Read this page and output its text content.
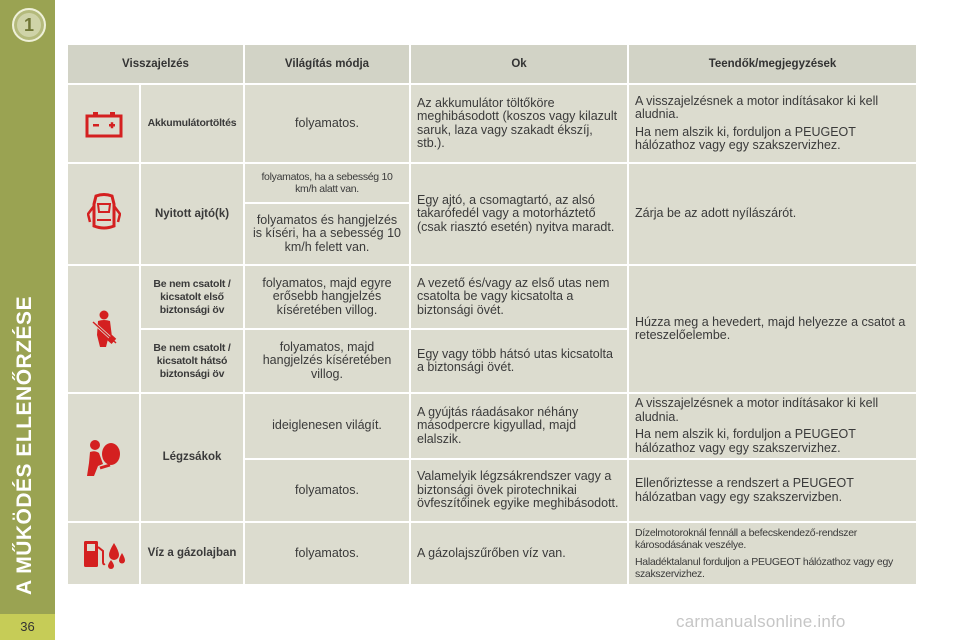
1
A MŰKÖDÉS ELLENŐRZÉSE
36
Visszajelzés		Világítás módja	Ok	Teendők/megjegyzések

	Akkumulátortöltés	folyamatos.	Az akkumulátor töltőköre meghibásodott (koszos vagy kilazult saruk, laza vagy szakadt ékszíj, stb.).	A visszajelzésnek a motor indításakor ki kell aludnia.

Ha nem alszik ki, forduljon a PEUGEOT hálózathoz vagy egy szakszervizhez.

	Nyitott ajtó(k)	folyamatos, ha a sebesség 10 km/h alatt van.	Egy ajtó, a csomagtartó, az alsó takarófedél vagy a motorháztető (csak riasztó esetén) nyitva maradt.	Zárja be az adott nyílászárót.
		folyamatos és hangjelzés is kíséri, ha a sebesség 10 km/h felett van.		

	Be nem csatolt / kicsatolt első biztonsági öv	folyamatos, majd egyre erősebb hangjelzés kíséretében villog.	A vezető és/vagy az első utas nem csatolta be vagy kicsatolta a biztonsági övét.	Húzza meg a hevedert, majd helyezze a csatot a reteszelőelembe.
	Be nem csatolt / kicsatolt hátsó biztonsági öv	folyamatos, majd hangjelzés kíséretében villog.	Egy vagy több hátsó utas kicsatolta a biztonsági övét.	

	Légzsákok	ideiglenesen világít.	A gyújtás ráadásakor néhány másodpercre kigyullad, majd elalszik.	A visszajelzésnek a motor indításakor ki kell aludnia.

Ha nem alszik ki, forduljon a PEUGEOT hálózathoz vagy egy szakszervizhez.

		folyamatos.	Valamelyik légzsákrendszer vagy a biztonsági övek pirotechnikai övfeszítőinek egyike meghibásodott.	Ellenőriztesse a rendszert a PEUGEOT hálózatban vagy egy szakszervizben.

	Víz a gázolajban	folyamatos.	A gázolajszűrőben víz van.	Dízelmotoroknál fennáll a befecskendező-rendszer károsodásának veszélye.

Haladéktalanul forduljon a PEUGEOT hálózathoz vagy egy szakszervizhez.

carmanualsonline.info
